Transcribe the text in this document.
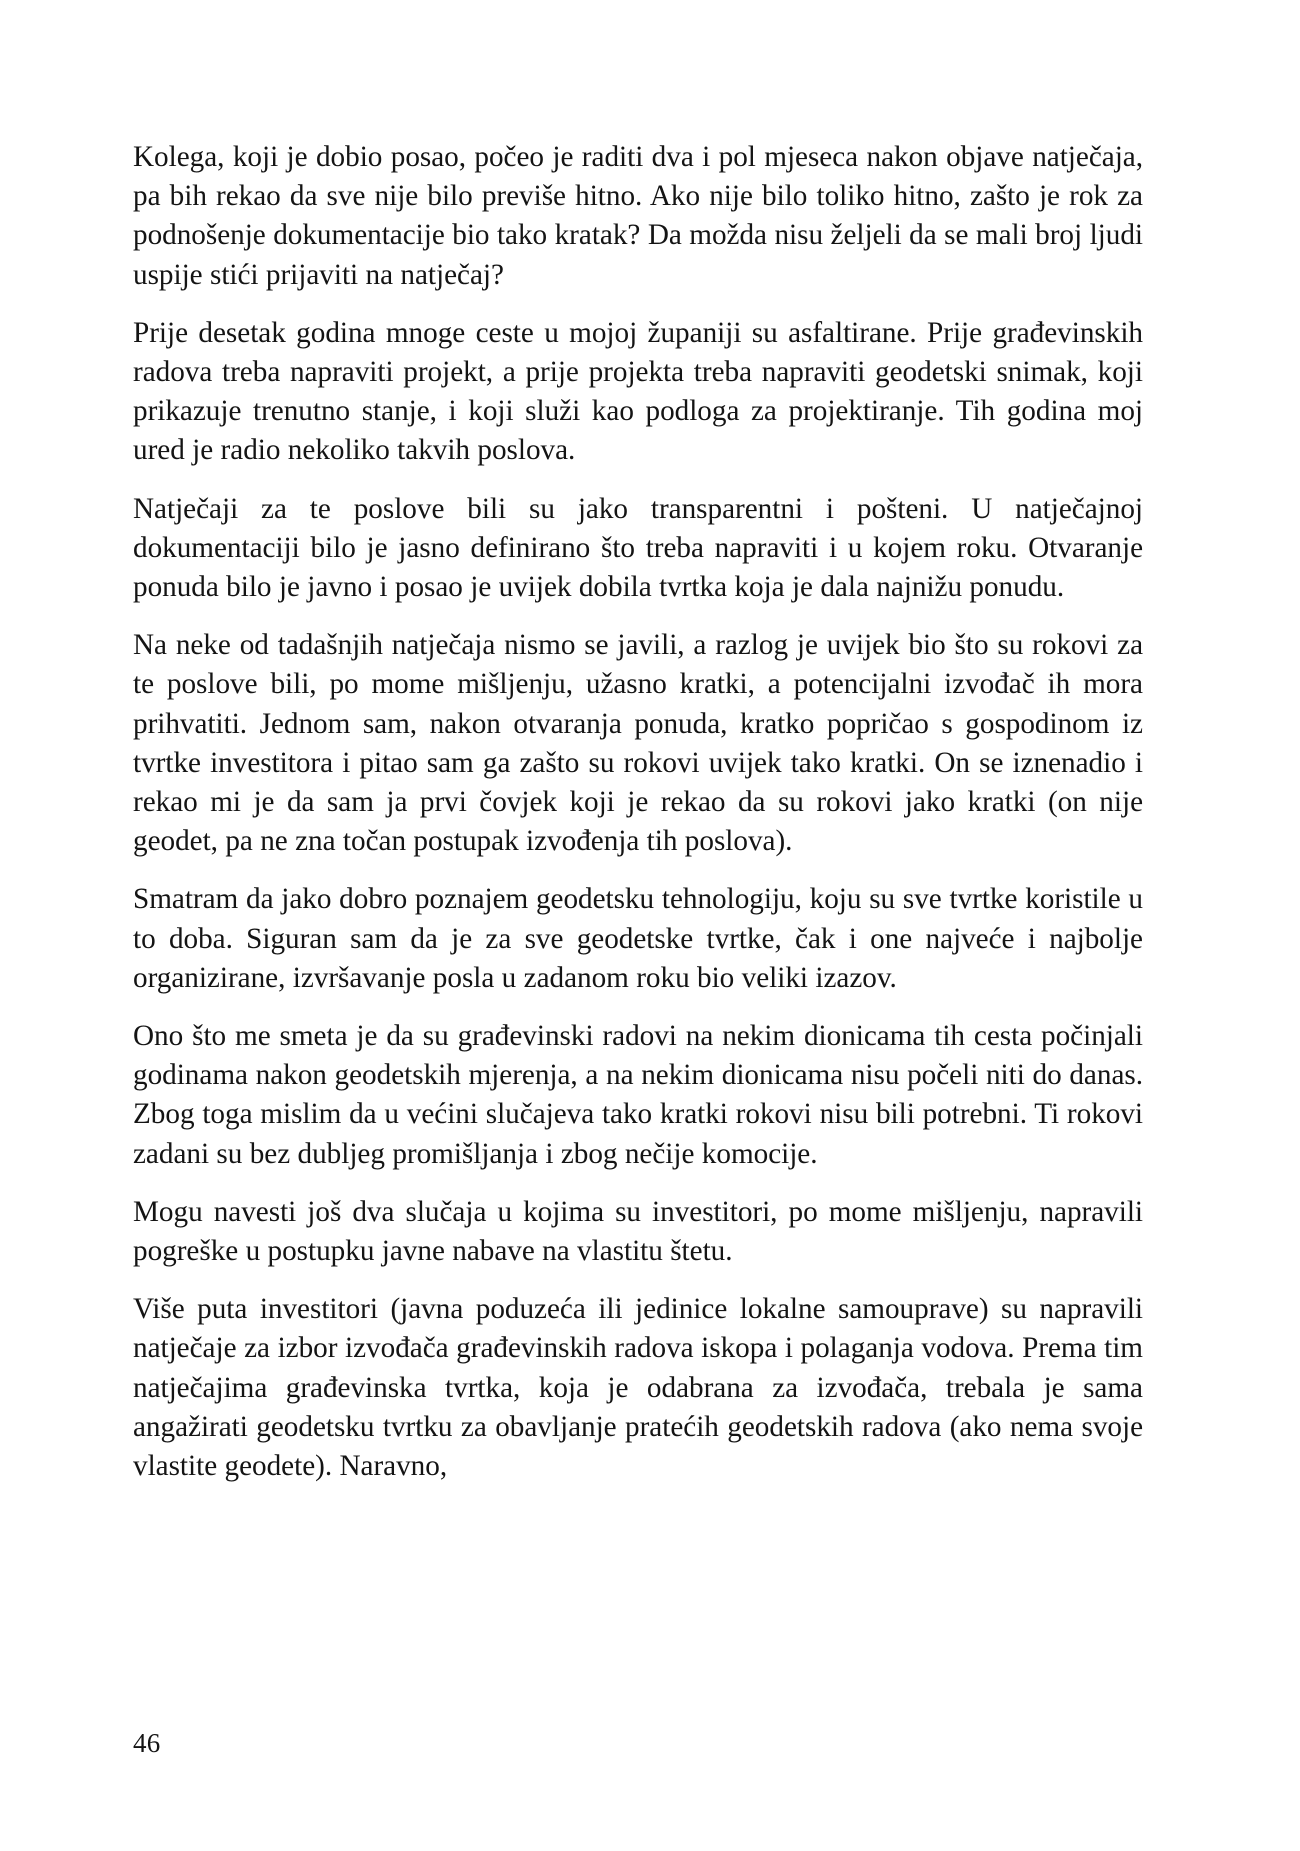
Kolega, koji je dobio posao, počeo je raditi dva i pol mjeseca nakon objave natječaja, pa bih rekao da sve nije bilo previše hitno. Ako nije bilo toliko hitno, zašto je rok za podnošenje dokumentacije bio tako kratak? Da možda nisu željeli da se mali broj ljudi uspije stići prijaviti na natječaj?

Prije desetak godina mnoge ceste u mojoj županiji su asfaltirane. Prije građevinskih radova treba napraviti projekt, a prije projekta treba napraviti geodetski snimak, koji prikazuje trenutno stanje, i koji služi kao podloga za projektiranje. Tih godina moj ured je radio nekoliko takvih poslova.

Natječaji za te poslove bili su jako transparentni i pošteni. U natječajnoj dokumentaciji bilo je jasno definirano što treba napraviti i u kojem roku. Otvaranje ponuda bilo je javno i posao je uvijek dobila tvrtka koja je dala najnižu ponudu.

Na neke od tadašnjih natječaja nismo se javili, a razlog je uvijek bio što su rokovi za te poslove bili, po mome mišljenju, užasno kratki, a potencijalni izvođač ih mora prihvatiti. Jednom sam, nakon otvaranja ponuda, kratko popričao s gospodinom iz tvrtke investitora i pitao sam ga zašto su rokovi uvijek tako kratki. On se iznenadio i rekao mi je da sam ja prvi čovjek koji je rekao da su rokovi jako kratki (on nije geodet, pa ne zna točan postupak izvođenja tih poslova).

Smatram da jako dobro poznajem geodetsku tehnologiju, koju su sve tvrtke koristile u to doba. Siguran sam da je za sve geodetske tvrtke, čak i one najveće i najbolje organizirane, izvršavanje posla u zadanom roku bio veliki izazov.

Ono što me smeta je da su građevinski radovi na nekim dionicama tih cesta počinjali godinama nakon geodetskih mjerenja, a na nekim dionicama nisu počeli niti do danas. Zbog toga mislim da u većini slučajeva tako kratki rokovi nisu bili potrebni. Ti rokovi zadani su bez dubljeg promišljanja i zbog nečije komocije.

Mogu navesti još dva slučaja u kojima su investitori, po mome mišljenju, napravili pogreške u postupku javne nabave na vlastitu štetu.

Više puta investitori (javna poduzeća ili jedinice lokalne samouprave) su napravili natječaje za izbor izvođača građevinskih radova iskopa i polaganja vodova. Prema tim natječajima građevinska tvrtka, koja je odabrana za izvođača, trebala je sama angažirati geodetsku tvrtku za obavljanje pratećih geodetskih radova (ako nema svoje vlastite geodete). Naravno,

46
